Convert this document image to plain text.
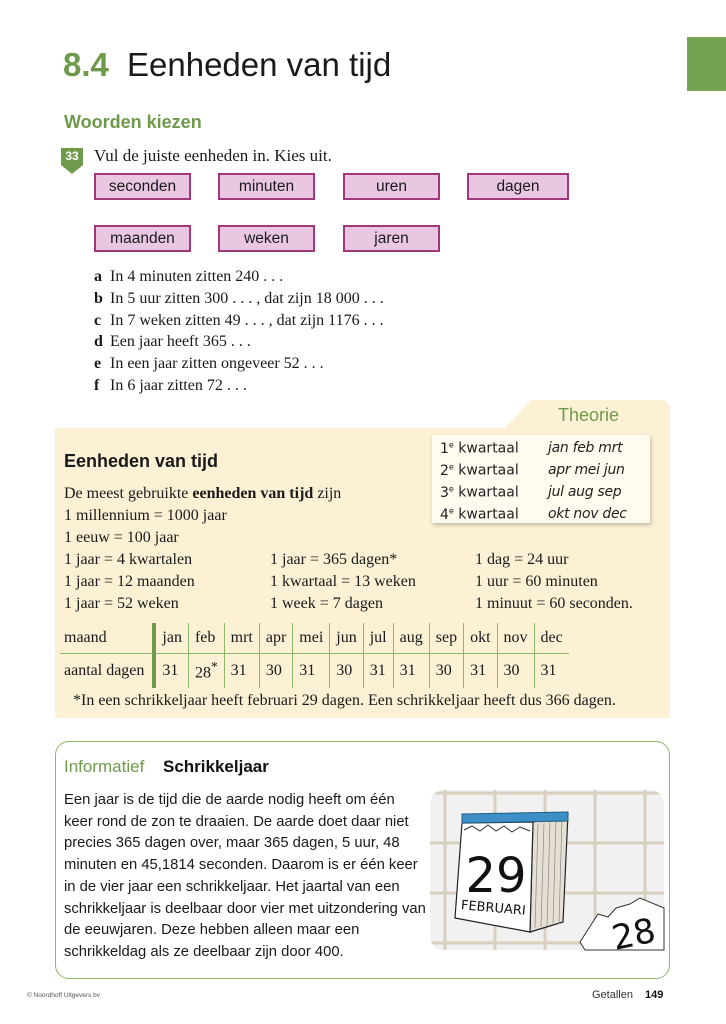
8.4 Eenheden van tijd
Woorden kiezen
33 Vul de juiste eenheden in. Kies uit.
seconden	minuten	uren	dagen
maanden	weken	jaren
a In 4 minuten zitten 240 . . .
b In 5 uur zitten 300 . . . , dat zijn 18 000 . . .
c In 7 weken zitten 49 . . . , dat zijn 1176 . . .
d Een jaar heeft 365 . . .
e In een jaar zitten ongeveer 52 . . .
f In 6 jaar zitten 72 . . .
Theorie
1e kwartaal jan feb mrt
2e kwartaal apr mei jun
3e kwartaal jul aug sep
4e kwartaal okt nov dec
Eenheden van tijd
De meest gebruikte eenheden van tijd zijn
1 millennium = 1000 jaar
1 eeuw = 100 jaar
1 jaar = 4 kwartalen
1 jaar = 12 maanden
1 jaar = 52 weken
1 jaar = 365 dagen*
1 kwartaal = 13 weken
1 week = 7 dagen
1 dag = 24 uur
1 uur = 60 minuten
1 minuut = 60 seconden.
maand	jan	feb	mrt	apr	mei	jun	jul	aug	sep	okt	nov	dec
aantal dagen	31	28*	31	30	31	30	31	31	30	31	30	31
*In een schrikkeljaar heeft februari 29 dagen. Een schrikkeljaar heeft dus 366 dagen.
Informatief Schrikkeljaar
Een jaar is de tijd die de aarde nodig heeft om één keer rond de zon te draaien. De aarde doet daar niet precies 365 dagen over, maar 365 dagen, 5 uur, 48 minuten en 45,1814 seconden. Daarom is er één keer in de vier jaar een schrikkeljaar. Het jaartal van een schrikkeljaar is deelbaar door vier met uitzondering van de eeuwjaren. Deze hebben alleen maar een schrikkeldag als ze deelbaar zijn door 400.
29
FEBRUARI
28
© Noordhoff Uitgevers bv	Getallen 149
